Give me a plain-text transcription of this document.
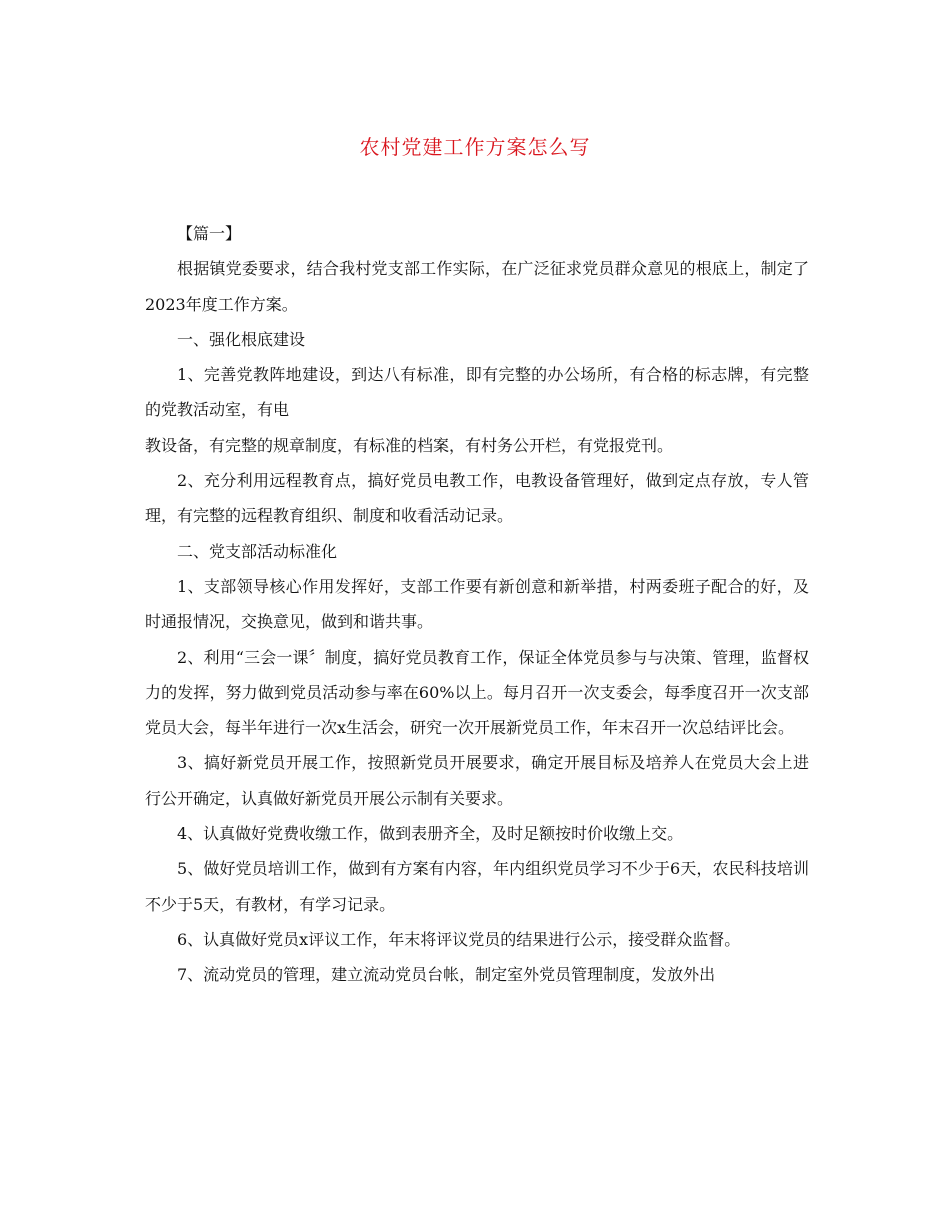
农村党建工作方案怎么写

【篇一】

根据镇党委要求，结合我村党支部工作实际，在广泛征求党员群众意见的根底上，制定了2023年度工作方案。

一、强化根底建设

1、完善党教阵地建设，到达八有标准，即有完整的办公场所，有合格的标志牌，有完整的党教活动室，有电

教设备，有完整的规章制度，有标准的档案，有村务公开栏，有党报党刊。

2、充分利用远程教育点，搞好党员电教工作，电教设备管理好，做到定点存放，专人管理，有完整的远程教育组织、制度和收看活动记录。

二、党支部活动标准化

1、支部领导核心作用发挥好，支部工作要有新创意和新举措，村两委班子配合的好，及时通报情况，交换意见，做到和谐共事。

2、利用“三会一课〞制度，搞好党员教育工作，保证全体党员参与与决策、管理，监督权力的发挥，努力做到党员活动参与率在60%以上。每月召开一次支委会，每季度召开一次支部党员大会，每半年进行一次x生活会，研究一次开展新党员工作，年末召开一次总结评比会。

3、搞好新党员开展工作，按照新党员开展要求，确定开展目标及培养人在党员大会上进行公开确定，认真做好新党员开展公示制有关要求。

4、认真做好党费收缴工作，做到表册齐全，及时足额按时价收缴上交。

5、做好党员培训工作，做到有方案有内容，年内组织党员学习不少于6天，农民科技培训不少于5天，有教材，有学习记录。

6、认真做好党员x评议工作，年末将评议党员的结果进行公示，接受群众监督。

7、流动党员的管理，建立流动党员台帐，制定室外党员管理制度，发放外出
